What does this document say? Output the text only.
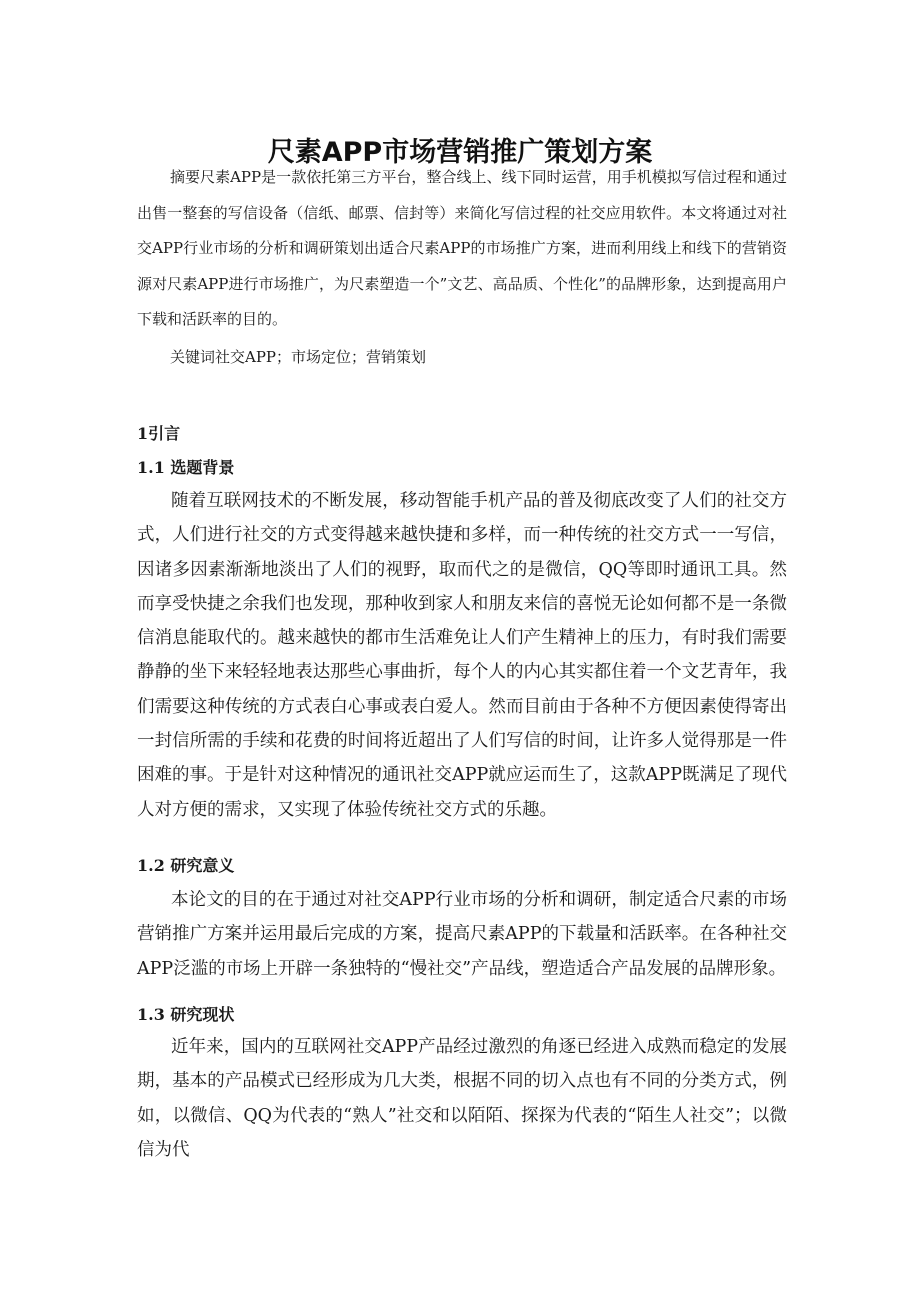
尺素APP市场营销推广策划方案

摘要尺素APP是一款依托第三方平台，整合线上、线下同时运营，用手机模拟写信过程和通过出售一整套的写信设备（信纸、邮票、信封等）来简化写信过程的社交应用软件。本文将通过对社交APP行业市场的分析和调研策划出适合尺素APP的市场推广方案，进而利用线上和线下的营销资源对尺素APP进行市场推广，为尺素塑造一个”文艺、高品质、个性化”的品牌形象，达到提高用户下载和活跃率的目的。

关键词社交APP；市场定位；营销策划

1引言
1.1 选题背景

随着互联网技术的不断发展，移动智能手机产品的普及彻底改变了人们的社交方式，人们进行社交的方式变得越来越快捷和多样，而一种传统的社交方式一一写信，因诸多因素渐渐地淡出了人们的视野，取而代之的是微信，QQ等即时通讯工具。然而享受快捷之余我们也发现，那种收到家人和朋友来信的喜悦无论如何都不是一条微信消息能取代的。越来越快的都市生活难免让人们产生精神上的压力，有时我们需要静静的坐下来轻轻地表达那些心事曲折，每个人的内心其实都住着一个文艺青年，我们需要这种传统的方式表白心事或表白爱人。然而目前由于各种不方便因素使得寄出一封信所需的手续和花费的时间将近超出了人们写信的时间，让许多人觉得那是一件困难的事。于是针对这种情况的通讯社交APP就应运而生了，这款APP既满足了现代人对方便的需求，又实现了体验传统社交方式的乐趣。

1.2 研究意义

本论文的目的在于通过对社交APP行业市场的分析和调研，制定适合尺素的市场营销推广方案并运用最后完成的方案，提高尺素APP的下载量和活跃率。在各种社交APP泛滥的市场上开辟一条独特的“慢社交”产品线，塑造适合产品发展的品牌形象。

1.3 研究现状

近年来，国内的互联网社交APP产品经过激烈的角逐已经进入成熟而稳定的发展期，基本的产品模式已经形成为几大类，根据不同的切入点也有不同的分类方式，例如，以微信、QQ为代表的“熟人”社交和以陌陌、探探为代表的“陌生人社交”；以微信为代
